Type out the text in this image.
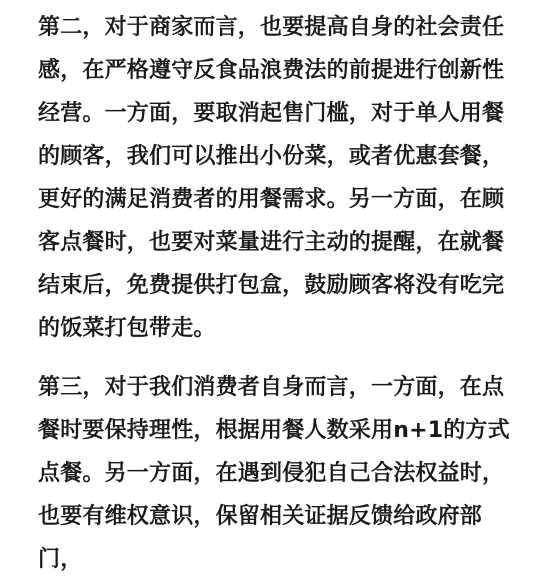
第二，对于商家而言，也要提高自身的社会责任
感，在严格遵守反食品浪费法的前提进行创新性
经营。一方面，要取消起售门槛，对于单人用餐
的顾客，我们可以推出小份菜，或者优惠套餐，
更好的满足消费者的用餐需求。另一方面，在顾
客点餐时，也要对菜量进行主动的提醒，在就餐
结束后，免费提供打包盒，鼓励顾客将没有吃完
的饭菜打包带走。

第三，对于我们消费者自身而言，一方面，在点
餐时要保持理性，根据用餐人数采用n+1的方式
点餐。另一方面，在遇到侵犯自己合法权益时，
也要有维权意识，保留相关证据反馈给政府部
门，
